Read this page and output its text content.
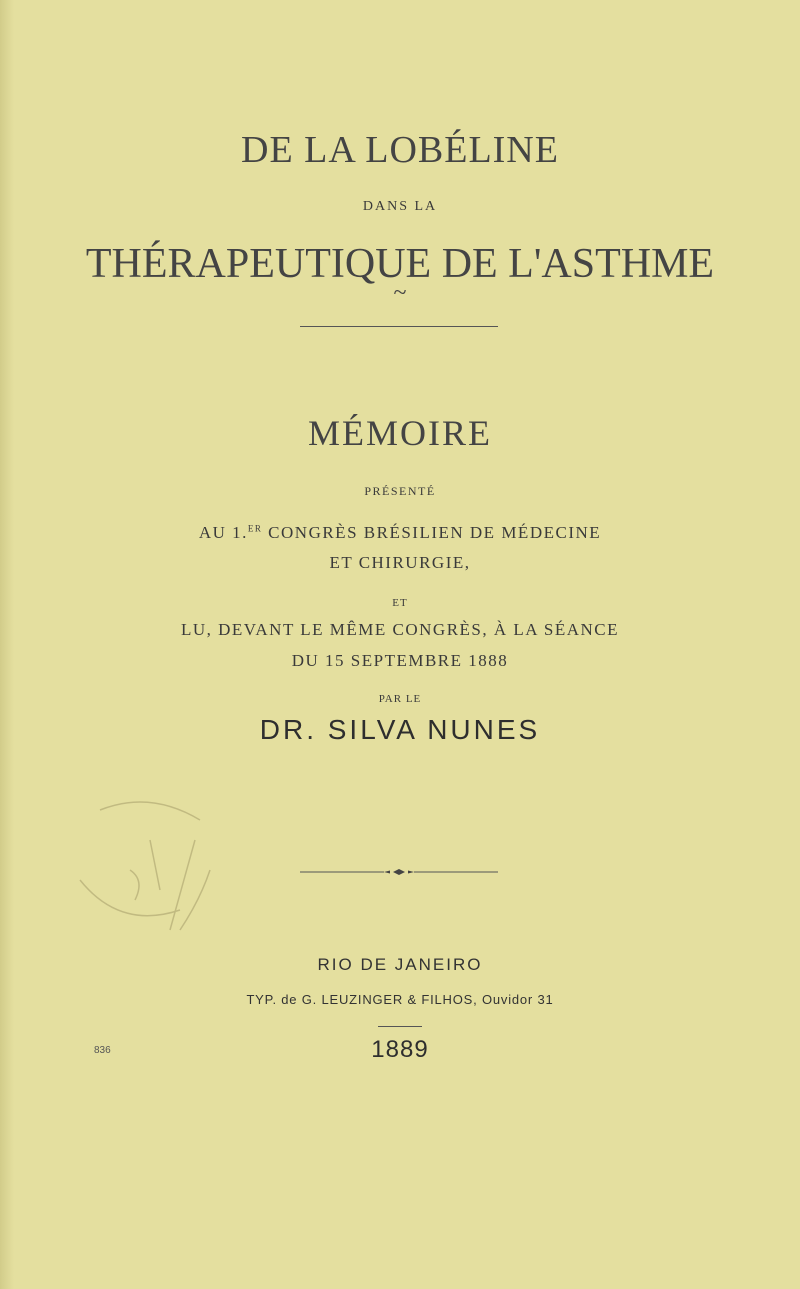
DE LA LOBÉLINE
DANS LA
THÉRAPEUTIQUE DE L'ASTHME
~
MÉMOIRE
PRÉSENTÉ
AU 1.$^{ER}$ CONGRÈS BRÉSILIEN DE MÉDECINE
ET CHIRURGIE,
ET
LU, DEVANT LE MÊME CONGRÈS, À LA SÉANCE
DU 15 SEPTEMBRE 1888
PAR LE
DR. SILVA NUNES
RIO DE JANEIRO
TYP. de G. LEUZINGER & FILHOS, Ouvidor 31
1889
836
